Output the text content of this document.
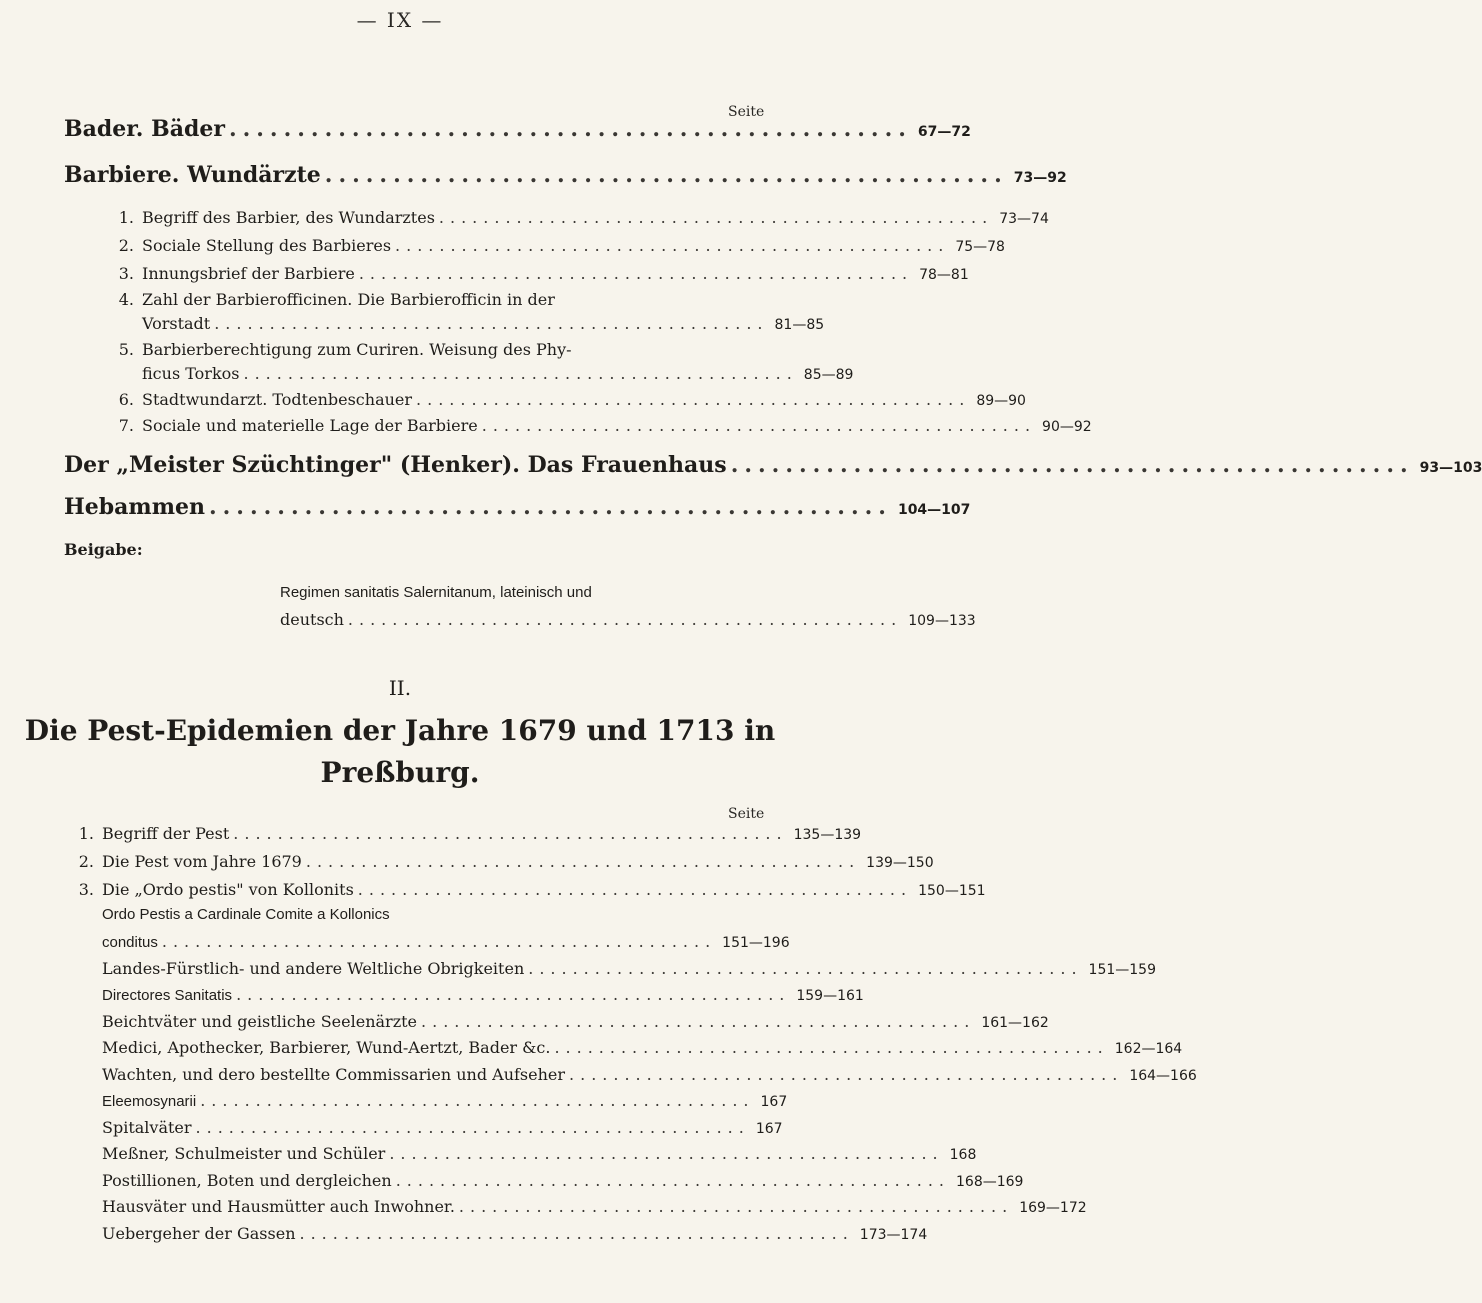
— IX —
Seite
Bader. Bäder .................................................. 67—72
Barbiere. Wundärzte .................................................. 73—92
1. Begriff des Barbier, des Wundarztes .................................................. 73—74
2. Sociale Stellung des Barbieres .................................................. 75—78
3. Innungsbrief der Barbiere .................................................. 78—81
4. Zahl der Barbierofficinen. Die Barbierofficin in der
Vorstadt .................................................. 81—85
5. Barbierberechtigung zum Curiren. Weisung des Phy-
ficus Torkos .................................................. 85—89
6. Stadtwundarzt. Todtenbeschauer .................................................. 89—90
7. Sociale und materielle Lage der Barbiere .................................................. 90—92
Der „Meister Szüchtinger" (Henker). Das Frauenhaus .................................................. 93—103
Hebammen .................................................. 104—107
Beigabe:
Regimen sanitatis Salernitanum, lateinisch und
deutsch .................................................. 109—133
II.
Die Pest-Epidemien der Jahre 1679 und 1713 in
Preßburg.
Seite
1. Begriff der Pest .................................................. 135—139
2. Die Pest vom Jahre 1679 .................................................. 139—150
3. Die „Ordo pestis" von Kollonits .................................................. 150—151
Ordo Pestis a Cardinale Comite a Kollonics
conditus .................................................. 151—196
Landes-Fürstlich- und andere Weltliche Obrigkeiten .................................................. 151—159
Directores Sanitatis .................................................. 159—161
Beichtväter und geistliche Seelenärzte .................................................. 161—162
Medici, Apothecker, Barbierer, Wund-Aertzt, Bader &c. .................................................. 162—164
Wachten, und dero bestellte Commissarien und Aufseher .................................................. 164—166
Eleemosynarii .................................................. 167
Spitalväter .................................................. 167
Meßner, Schulmeister und Schüler .................................................. 168
Postillionen, Boten und dergleichen .................................................. 168—169
Hausväter und Hausmütter auch Inwohner. .................................................. 169—172
Uebergeher der Gassen .................................................. 173—174
